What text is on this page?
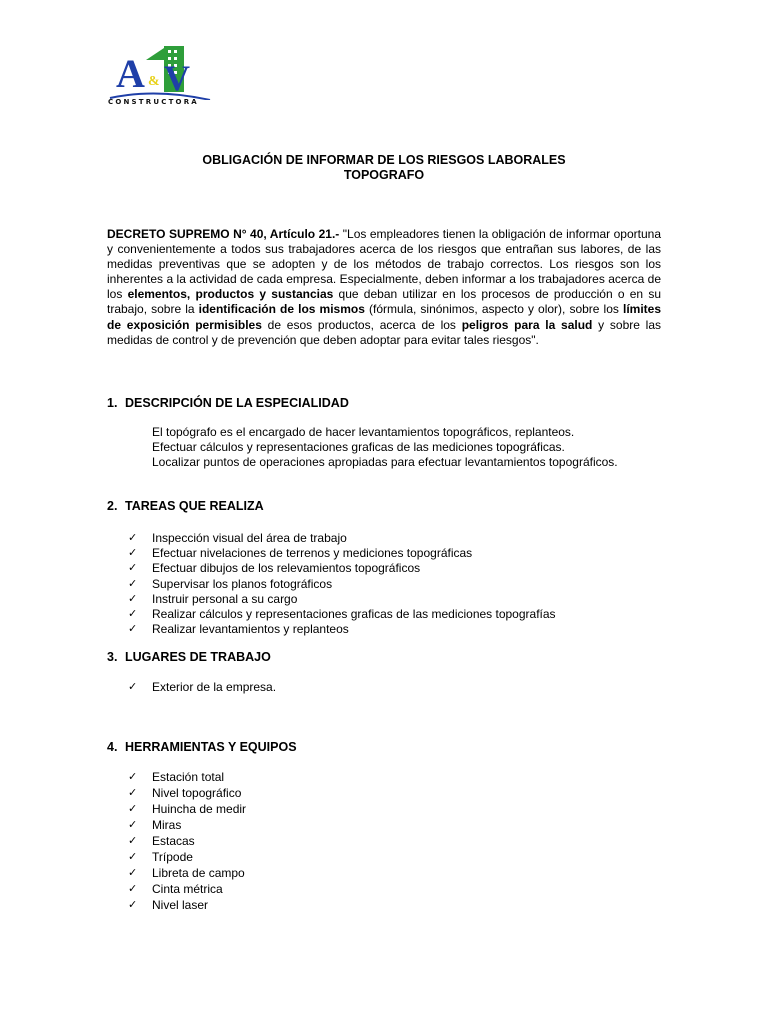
A & V
CONSTRUCTORA
OBLIGACIÓN DE INFORMAR DE LOS RIESGOS LABORALES
TOPOGRAFO
DECRETO SUPREMO N° 40, Artículo 21.- "Los empleadores tienen la obligación de informar oportuna y convenientemente a todos sus trabajadores acerca de los riesgos que entrañan sus labores, de las medidas preventivas que se adopten y de los métodos de trabajo correctos. Los riesgos son los inherentes a la actividad de cada empresa. Especialmente, deben informar a los trabajadores acerca de los elementos, productos y sustancias que deban utilizar en los procesos de producción o en su trabajo, sobre la identificación de los mismos (fórmula, sinónimos, aspecto y olor), sobre los límites de exposición permisibles de esos productos, acerca de los peligros para la salud y sobre las medidas de control y de prevención que deben adoptar para evitar tales riesgos".
1. DESCRIPCIÓN DE LA ESPECIALIDAD
El topógrafo es el encargado de hacer levantamientos topográficos, replanteos.
Efectuar cálculos y representaciones graficas de las mediciones topográficas.
Localizar puntos de operaciones apropiadas para efectuar levantamientos topográficos.
2. TAREAS QUE REALIZA
✓ Inspección visual del área de trabajo
✓ Efectuar nivelaciones de terrenos y mediciones topográficas
✓ Efectuar dibujos de los relevamientos topográficos
✓ Supervisar los planos fotográficos
✓ Instruir personal a su cargo
✓ Realizar cálculos y representaciones graficas de las mediciones topografías
✓ Realizar levantamientos y replanteos
3. LUGARES DE TRABAJO
✓ Exterior de la empresa.
4. HERRAMIENTAS Y EQUIPOS
✓ Estación total
✓ Nivel topográfico
✓ Huincha de medir
✓ Miras
✓ Estacas
✓ Trípode
✓ Libreta de campo
✓ Cinta métrica
✓ Nivel laser
